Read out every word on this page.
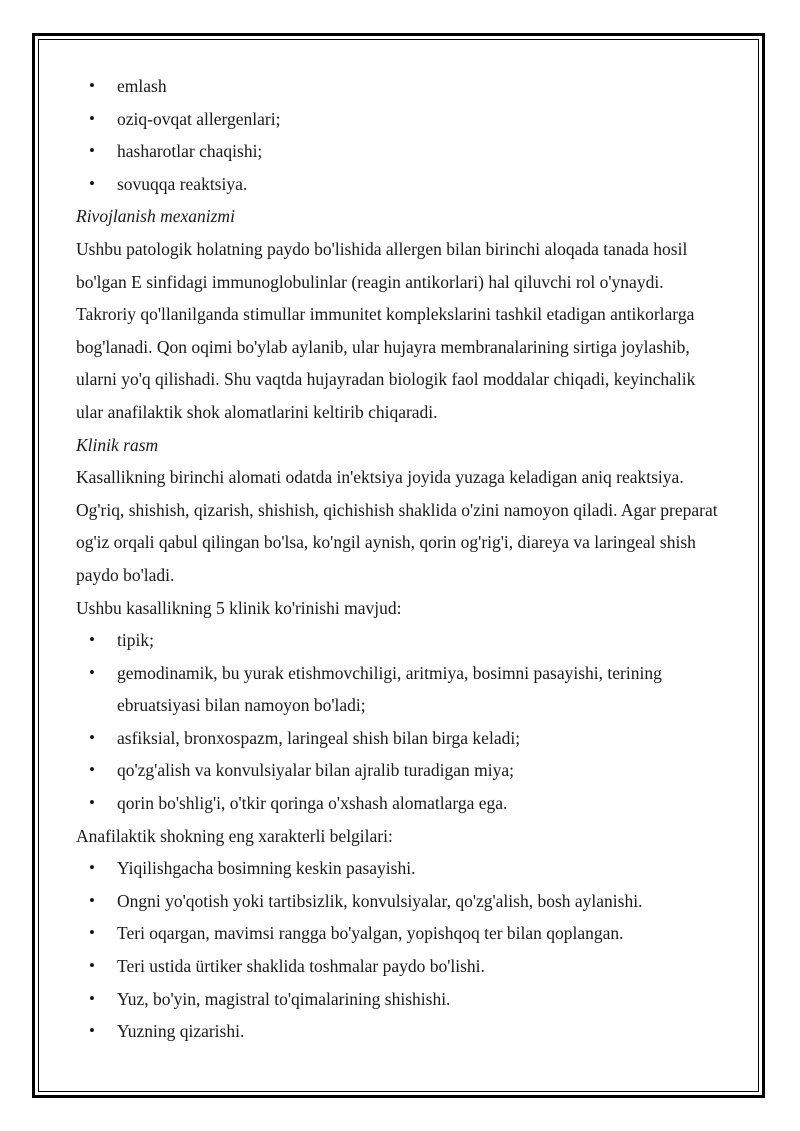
• emlash
• oziq-ovqat allergenlari;
• hasharotlar chaqishi;
• sovuqqa reaktsiya.

Rivojlanish mexanizmi

Ushbu patologik holatning paydo bo'lishida allergen bilan birinchi aloqada tanada hosil bo'lgan E sinfidagi immunoglobulinlar (reagin antikorlari) hal qiluvchi rol o'ynaydi. Takroriy qo'llanilganda stimullar immunitet komplekslarini tashkil etadigan antikorlarga bog'lanadi. Qon oqimi bo'ylab aylanib, ular hujayra membranalarining sirtiga joylashib, ularni yo'q qilishadi. Shu vaqtda hujayradan biologik faol moddalar chiqadi, keyinchalik ular anafilaktik shok alomatlarini keltirib chiqaradi.

Klinik rasm

Kasallikning birinchi alomati odatda in'ektsiya joyida yuzaga keladigan aniq reaktsiya. Og'riq, shishish, qizarish, shishish, qichishish shaklida o'zini namoyon qiladi. Agar preparat og'iz orqali qabul qilingan bo'lsa, ko'ngil aynish, qorin og'rig'i, diareya va laringeal shish paydo bo'ladi.

Ushbu kasallikning 5 klinik ko'rinishi mavjud:

• tipik;
• gemodinamik, bu yurak etishmovchiligi, aritmiya, bosimni pasayishi, terining ebruatsiyasi bilan namoyon bo'ladi;
• asfiksial, bronxospazm, laringeal shish bilan birga keladi;
• qo'zg'alish va konvulsiyalar bilan ajralib turadigan miya;
• qorin bo'shlig'i, o'tkir qoringa o'xshash alomatlarga ega.

Anafilaktik shokning eng xarakterli belgilari:

• Yiqilishgacha bosimning keskin pasayishi.
• Ongni yo'qotish yoki tartibsizlik, konvulsiyalar, qo'zg'alish, bosh aylanishi.
• Teri oqargan, mavimsi rangga bo'yalgan, yopishqoq ter bilan qoplangan.
• Teri ustida ürtiker shaklida toshmalar paydo bo'lishi.
• Yuz, bo'yin, magistral to'qimalarining shishishi.
• Yuzning qizarishi.
